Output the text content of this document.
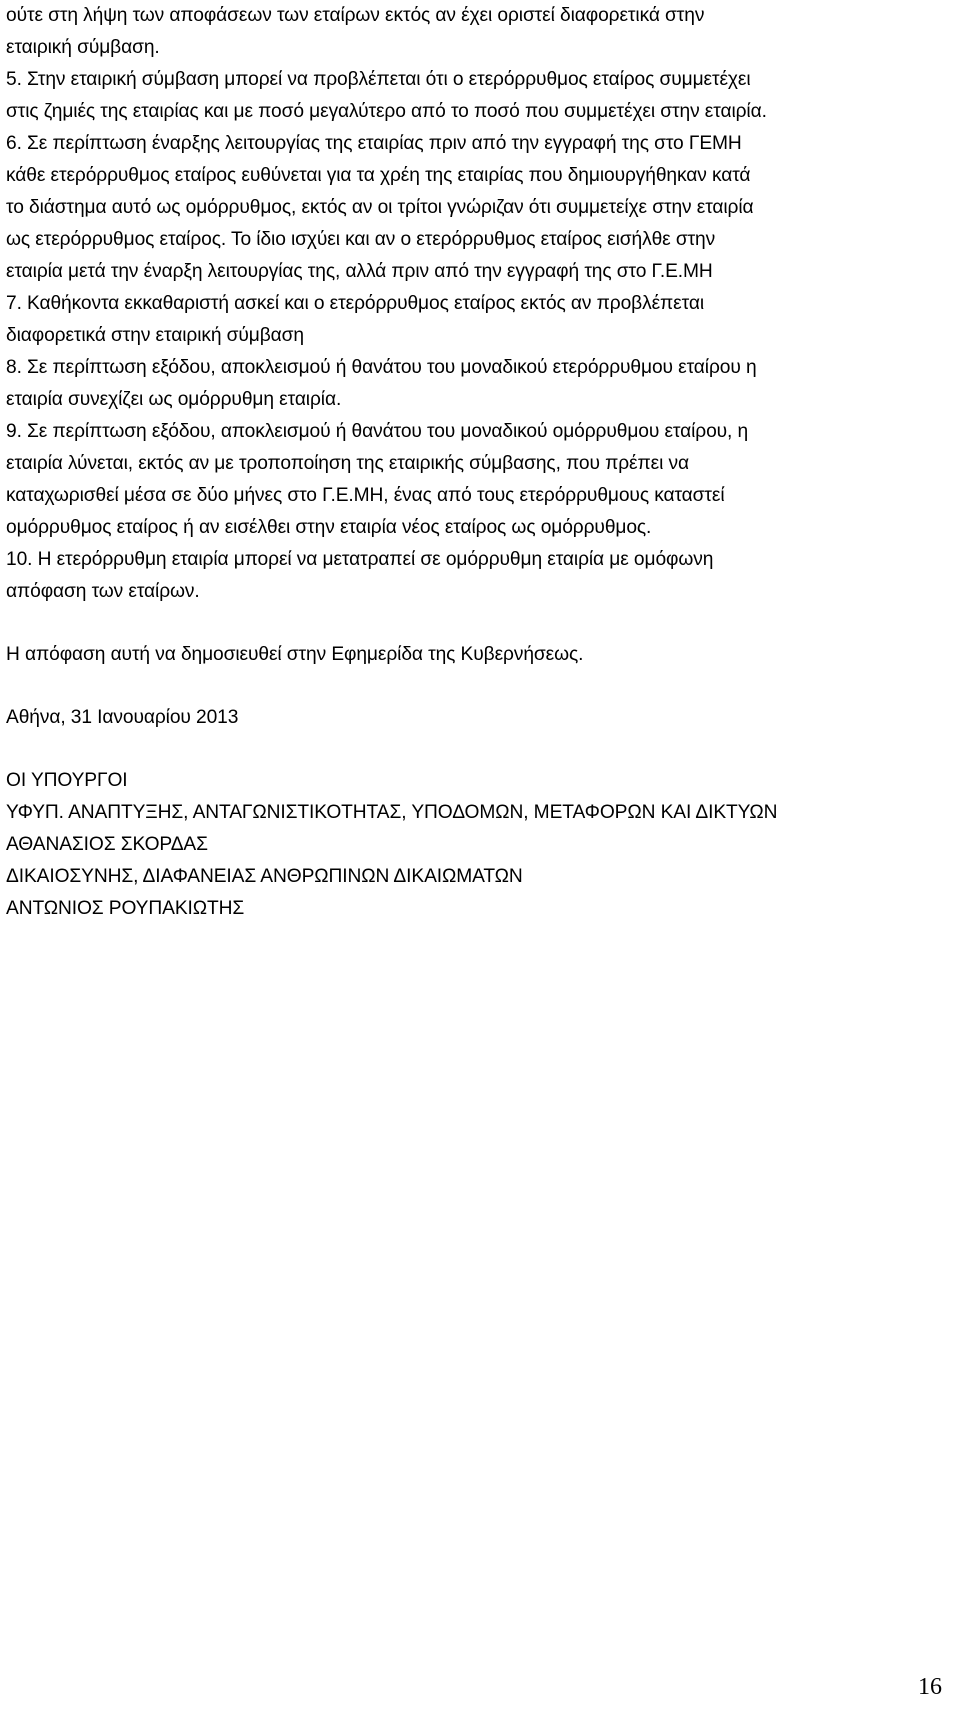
ούτε στη λήψη των αποφάσεων των εταίρων εκτός αν έχει οριστεί διαφορετικά στην
εταιρική σύμβαση.
5. Στην εταιρική σύμβαση μπορεί να προβλέπεται ότι ο ετερόρρυθμος εταίρος συμμετέχει
στις ζημιές της εταιρίας και με ποσό μεγαλύτερο από το ποσό που συμμετέχει στην εταιρία.
6. Σε περίπτωση έναρξης λειτουργίας της εταιρίας πριν από την εγγραφή της στο ΓΕΜΗ
κάθε ετερόρρυθμος εταίρος ευθύνεται για τα χρέη της εταιρίας που δημιουργήθηκαν κατά
το διάστημα αυτό ως ομόρρυθμος, εκτός αν οι τρίτοι γνώριζαν ότι συμμετείχε στην εταιρία
ως ετερόρρυθμος εταίρος. Το ίδιο ισχύει και αν ο ετερόρρυθμος εταίρος εισήλθε στην
εταιρία μετά την έναρξη λειτουργίας της, αλλά πριν από την εγγραφή της στο Γ.Ε.ΜΗ
7. Καθήκοντα εκκαθαριστή ασκεί και ο ετερόρρυθμος εταίρος εκτός αν προβλέπεται
διαφορετικά στην εταιρική σύμβαση
8. Σε περίπτωση εξόδου, αποκλεισμού ή θανάτου του μοναδικού ετερόρρυθμου εταίρου η
εταιρία συνεχίζει ως ομόρρυθμη εταιρία.
9. Σε περίπτωση εξόδου, αποκλεισμού ή θανάτου του μοναδικού ομόρρυθμου εταίρου, η
εταιρία λύνεται, εκτός αν με τροποποίηση της εταιρικής σύμβασης, που πρέπει να
καταχωρισθεί μέσα σε δύο μήνες στο Γ.Ε.ΜΗ, ένας από τους ετερόρρυθμους καταστεί
ομόρρυθμος εταίρος ή αν εισέλθει στην εταιρία νέος εταίρος ως ομόρρυθμος.
10. Η ετερόρρυθμη εταιρία μπορεί να μετατραπεί σε ομόρρυθμη εταιρία με ομόφωνη
απόφαση των εταίρων.
Η απόφαση αυτή να δημοσιευθεί στην Εφημερίδα της Κυβερνήσεως.
Αθήνα, 31 Ιανουαρίου 2013
ΟΙ ΥΠΟΥΡΓΟΙ
ΥΦΥΠ. ΑΝΑΠΤΥΞΗΣ, ΑΝΤΑΓΩΝΙΣΤΙΚΟΤΗΤΑΣ, ΥΠΟΔΟΜΩΝ, ΜΕΤΑΦΟΡΩΝ ΚΑΙ ΔΙΚΤΥΩΝ
ΑΘΑΝΑΣΙΟΣ ΣΚΟΡΔΑΣ
ΔΙΚΑΙΟΣΥΝΗΣ, ΔΙΑΦΑΝΕΙΑΣ ΑΝΘΡΩΠΙΝΩΝ ΔΙΚΑΙΩΜΑΤΩΝ
ΑΝΤΩΝΙΟΣ ΡΟΥΠΑΚΙΩΤΗΣ
16
